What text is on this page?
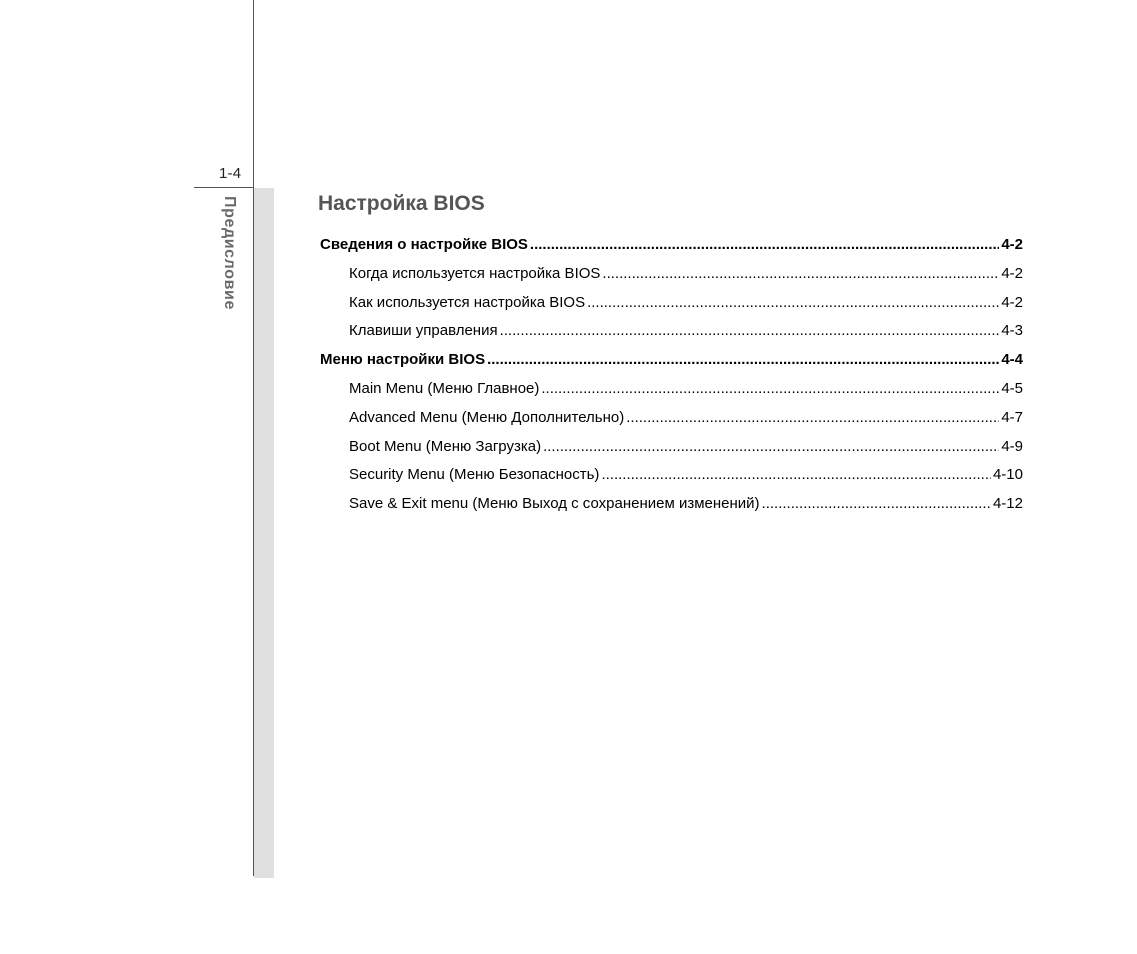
1-4
Предисловие	Настройка BIOS
Сведения о настройке BIOS .....	4-2
Когда используется настройка BIOS .....	4-2
Как используется настройка BIOS .....	4-2
Клавиши управления .....	4-3
Меню настройки BIOS .....	4-4
Main Menu (Меню Главное) .....	4-5
Advanced Menu (Меню Дополнительно) .....	4-7
Boot Menu (Меню Загрузка) .....	4-9
Security Menu (Меню Безопасность) .....	4-10
Save & Exit menu (Меню Выход с сохранением изменений) .....	4-12
